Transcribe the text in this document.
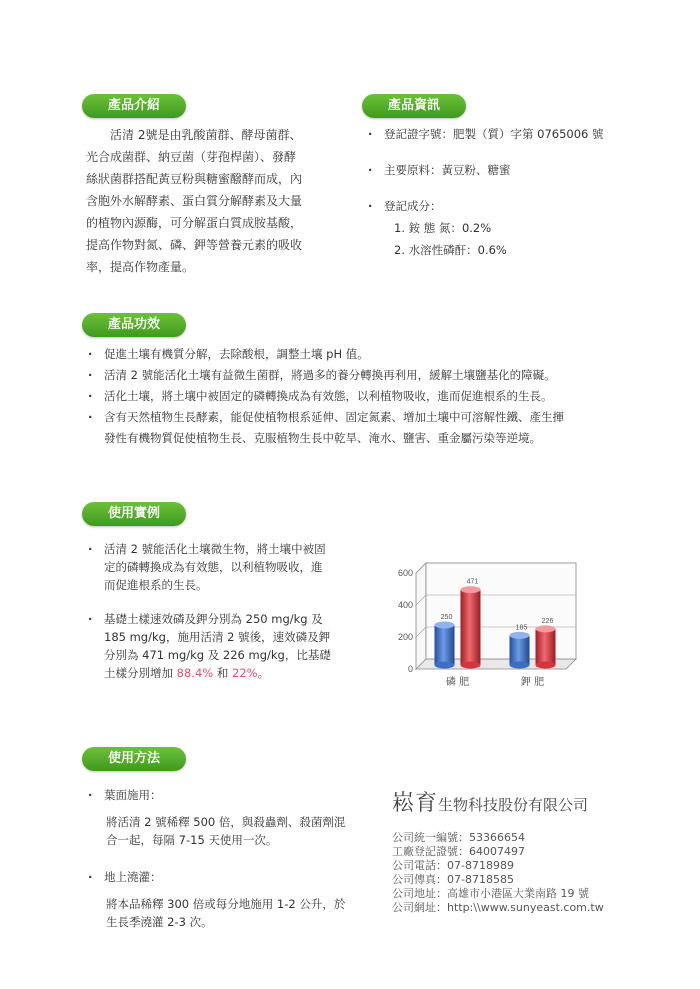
產品介紹	產品資訊
產品功效
使用實例
使用方法
　　活清 2號是由乳酸菌群、酵母菌群、
光合成菌群、納豆菌（芽孢桿菌）、發酵
絲狀菌群搭配黃豆粉與糖蜜醱酵而成，內
含胞外水解酵素、蛋白質分解酵素及大量
的植物內源酶，可分解蛋白質成胺基酸，
提高作物對氮、磷、鉀等營養元素的吸收
率，提高作物產量。
· 登記證字號：肥製（質）字第 0765006 號
· 主要原料：黃豆粉、糖蜜
· 登記成分：
1. 銨 態 氮：0.2%
2. 水溶性磷酐：0.6%
· 促進土壤有機質分解，去除酸根，調整土壤 pH 值。
· 活清 2 號能活化土壤有益微生菌群，將過多的養分轉換再利用，緩解土壤鹽基化的障礙。
· 活化土壤，將土壤中被固定的磷轉換成為有效態，以利植物吸收，進而促進根系的生長。
· 含有天然植物生長酵素，能促使植物根系延伸、固定氮素、增加土壤中可溶解性鐵、產生揮
發性有機物質促使植物生長、克服植物生長中乾旱、淹水、鹽害、重金屬污染等逆境。
· 活清 2 號能活化土壤微生物，將土壤中被固
定的磷轉換成為有效態，以利植物吸收，進
而促進根系的生長。
· 基礎土樣速效磷及鉀分別為 250 mg/kg 及
185 mg/kg，施用活清 2 號後，速效磷及鉀
分別為 471 mg/kg 及 226 mg/kg，比基礎
土樣分別增加 88.4% 和 22%。	0
200
400
600
250
471
185
226
磷 肥	鉀 肥
· 葉面施用：
將活清 2 號稀釋 500 倍，與殺蟲劑、殺菌劑混
合一起，每隔 7-15 天使用一次。
· 地上澆灌：
將本品稀釋 300 倍或每分地施用 1-2 公升，於
生長季澆灌 2-3 次。
崧育生物科技股份有限公司
公司統一編號：53366654
工廠登記證號：64007497
公司電話：07-8718989
公司傳真：07-8718585
公司地址：高雄市小港區大業南路 19 號
公司網址：http:\\www.sunyeast.com.tw
